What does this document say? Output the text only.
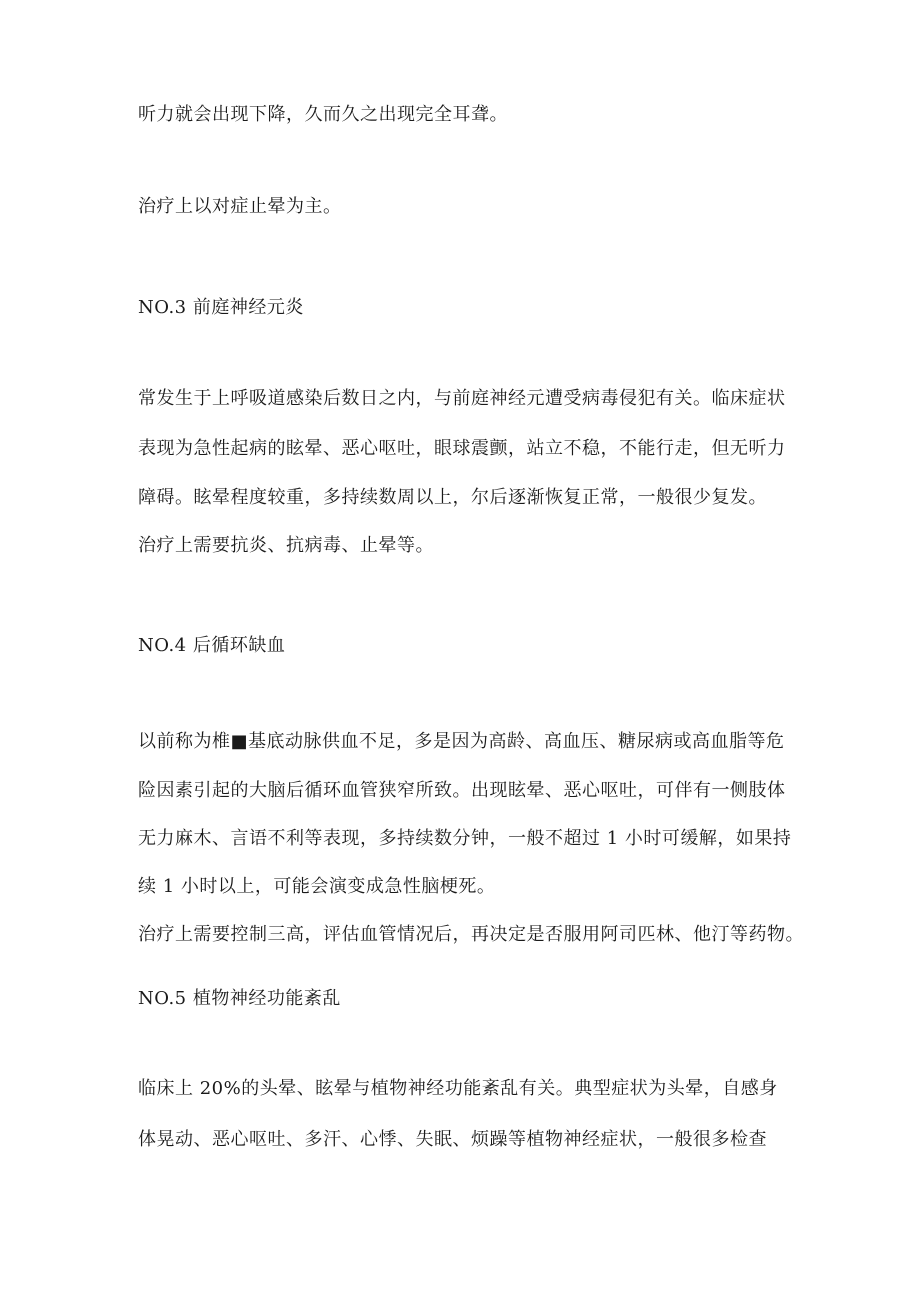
听力就会出现下降，久而久之出现完全耳聋。
治疗上以对症止晕为主。
NO.3 前庭神经元炎
常发生于上呼吸道感染后数日之内，与前庭神经元遭受病毒侵犯有关。临床症状
表现为急性起病的眩晕、恶心呕吐，眼球震颤，站立不稳，不能行走，但无听力
障碍。眩晕程度较重，多持续数周以上，尔后逐渐恢复正常，一般很少复发。
治疗上需要抗炎、抗病毒、止晕等。
NO.4 后循环缺血
以前称为椎■基底动脉供血不足，多是因为高龄、高血压、糖尿病或高血脂等危
险因素引起的大脑后循环血管狭窄所致。出现眩晕、恶心呕吐，可伴有一侧肢体
无力麻木、言语不利等表现，多持续数分钟，一般不超过 1 小时可缓解，如果持
续 1 小时以上，可能会演变成急性脑梗死。
治疗上需要控制三高，评估血管情况后，再决定是否服用阿司匹林、他汀等药物。
NO.5 植物神经功能紊乱
临床上 20%的头晕、眩晕与植物神经功能紊乱有关。典型症状为头晕，自感身
体晃动、恶心呕吐、多汗、心悸、失眠、烦躁等植物神经症状，一般很多检查
